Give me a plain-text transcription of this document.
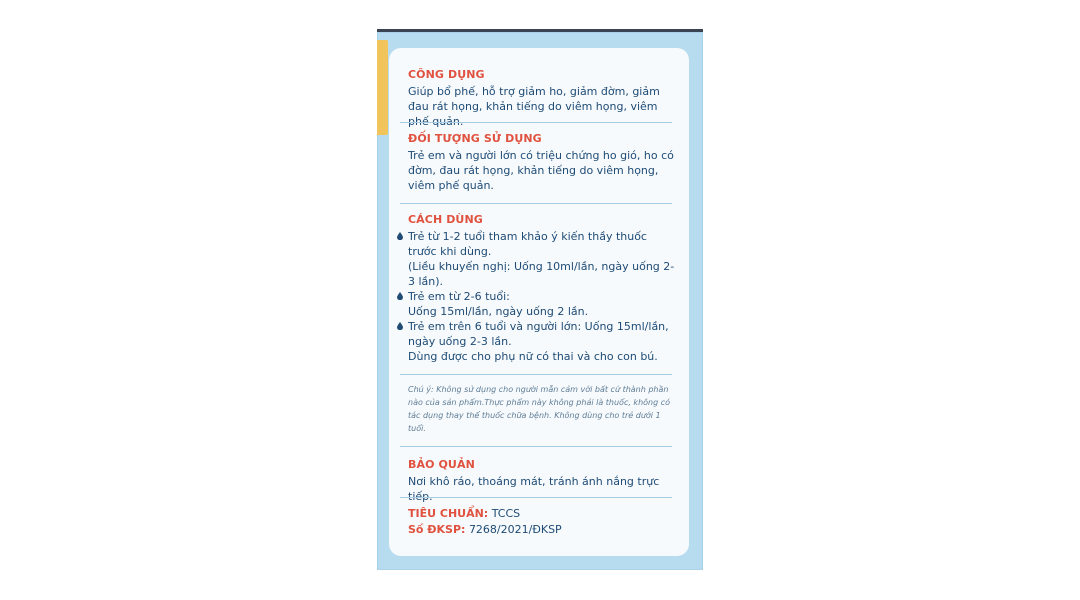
CÔNG DỤNG

Giúp bổ phế, hỗ trợ giảm ho, giảm đờm, giảm đau rát họng, khản tiếng do viêm họng, viêm phế quản.

ĐỐI TƯỢNG SỬ DỤNG

Trẻ em và người lớn có triệu chứng ho gió, ho có đờm, đau rát họng, khản tiếng do viêm họng, viêm phế quản.

CÁCH DÙNG

Trẻ từ 1-2 tuổi tham khảo ý kiến thầy thuốc trước khi dùng.
(Liều khuyến nghị: Uống 10ml/lần, ngày uống 2-3 lần).
Trẻ em từ 2-6 tuổi:
Uống 15ml/lần, ngày uống 2 lần.
Trẻ em trên 6 tuổi và người lớn: Uống 15ml/lần, ngày uống 2-3 lần.
Dùng được cho phụ nữ có thai và cho con bú.
Chú ý: Không sử dụng cho người mẫn cảm với bất cứ thành phần nào của sản phẩm.Thực phẩm này không phải là thuốc, không có tác dụng thay thế thuốc chữa bệnh. Không dùng cho trẻ dưới 1 tuổi.

BẢO QUẢN

Nơi khô ráo, thoáng mát, tránh ánh nắng trực tiếp.

TIÊU CHUẨN: TCCS
Số ĐKSP: 7268/2021/ĐKSP
